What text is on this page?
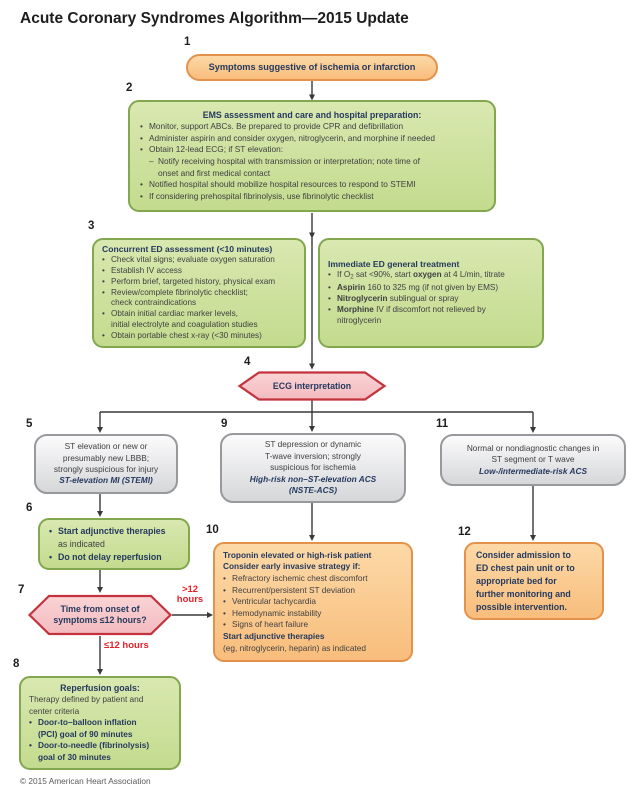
Acute Coronary Syndromes Algorithm—2015 Update
1
2
3
4
5
6
7
8
9
10
11
12
Symptoms suggestive of ischemia or infarction
EMS assessment and care and hospital preparation:
• Monitor, support ABCs. Be prepared to provide CPR and defibrillation
• Administer aspirin and consider oxygen, nitroglycerin, and morphine if needed
• Obtain 12-lead ECG; if ST elevation:
– Notify receiving hospital with transmission or interpretation; note time of
onset and first medical contact
• Notified hospital should mobilize hospital resources to respond to STEMI
• If considering prehospital fibrinolysis, use fibrinolytic checklist
Concurrent ED assessment (<10 minutes)
• Check vital signs; evaluate oxygen saturation
• Establish IV access
• Perform brief, targeted history, physical exam
• Review/complete fibrinolytic checklist;
check contraindications
• Obtain initial cardiac marker levels,
initial electrolyte and coagulation studies
• Obtain portable chest x-ray (<30 minutes)
Immediate ED general treatment
• If O2 sat <90%, start oxygen at 4 L/min, titrate
• Aspirin 160 to 325 mg (if not given by EMS)
• Nitroglycerin sublingual or spray
• Morphine IV if discomfort not relieved by
nitroglycerin
ECG interpretation
ST elevation or new or
presumably new LBBB;
strongly suspicious for injury
ST-elevation MI (STEMI)
ST depression or dynamic
T-wave inversion; strongly
suspicious for ischemia
High-risk non–ST-elevation ACS
(NSTE-ACS)
Normal or nondiagnostic changes in
ST segment or T wave
Low-/intermediate-risk ACS
• Start adjunctive therapies
as indicated
• Do not delay reperfusion
Time from onset of
symptoms ≤12 hours?
>12
hours
≤12 hours
Reperfusion goals:
Therapy defined by patient and
center criteria
• Door-to–balloon inflation
(PCI) goal of 90 minutes
• Door-to-needle (fibrinolysis)
goal of 30 minutes
Troponin elevated or high-risk patient
Consider early invasive strategy if:
• Refractory ischemic chest discomfort
• Recurrent/persistent ST deviation
• Ventricular tachycardia
• Hemodynamic instability
• Signs of heart failure
Start adjunctive therapies
(eg, nitroglycerin, heparin) as indicated
Consider admission to
ED chest pain unit or to
appropriate bed for
further monitoring and
possible intervention.
© 2015 American Heart Association
